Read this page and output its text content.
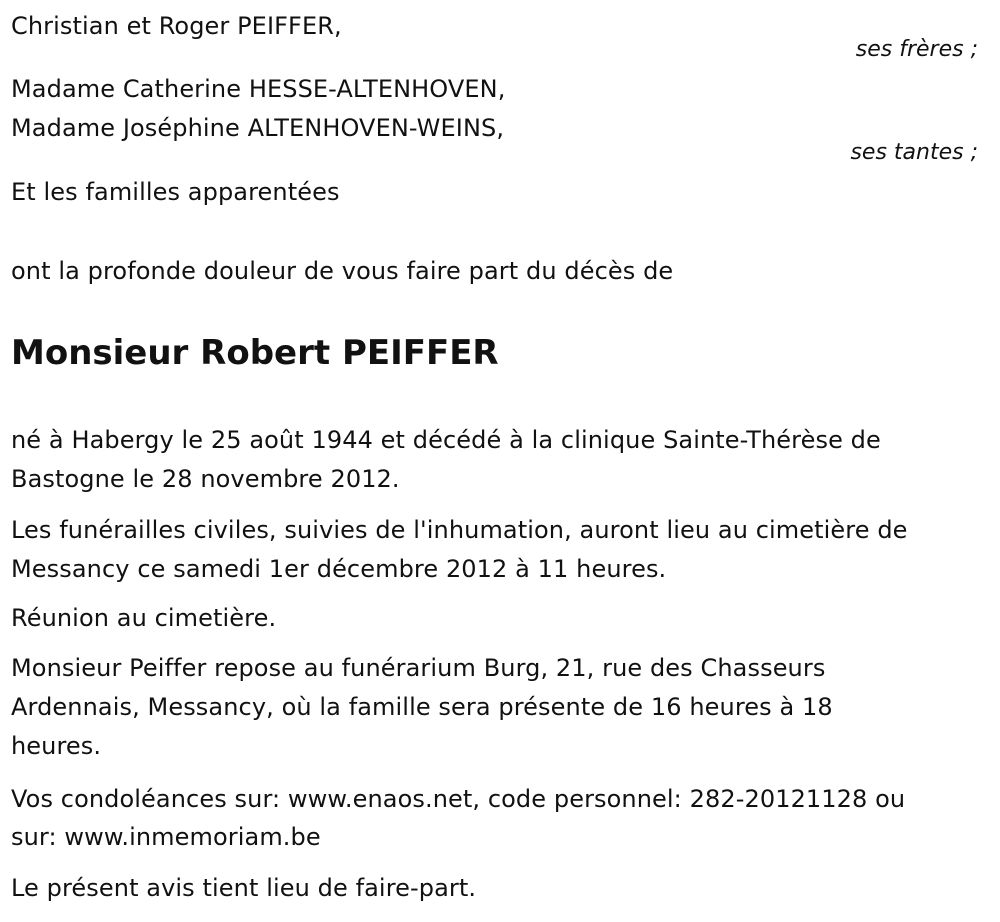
Christian et Roger PEIFFER,
ses frères ;
Madame Catherine HESSE-ALTENHOVEN,
Madame Joséphine ALTENHOVEN-WEINS,
ses tantes ;
Et les familles apparentées
ont la profonde douleur de vous faire part du décès de
Monsieur Robert PEIFFER
né à Habergy le 25 août 1944 et décédé à la clinique Sainte-Thérèse de
Bastogne le 28 novembre 2012.
Les funérailles civiles, suivies de l'inhumation, auront lieu au cimetière de
Messancy ce samedi 1er décembre 2012 à 11 heures.
Réunion au cimetière.
Monsieur Peiffer repose au funérarium Burg, 21, rue des Chasseurs
Ardennais, Messancy, où la famille sera présente de 16 heures à 18
heures.
Vos condoléances sur: www.enaos.net, code personnel: 282-20121128 ou
sur: www.inmemoriam.be
Le présent avis tient lieu de faire-part.
